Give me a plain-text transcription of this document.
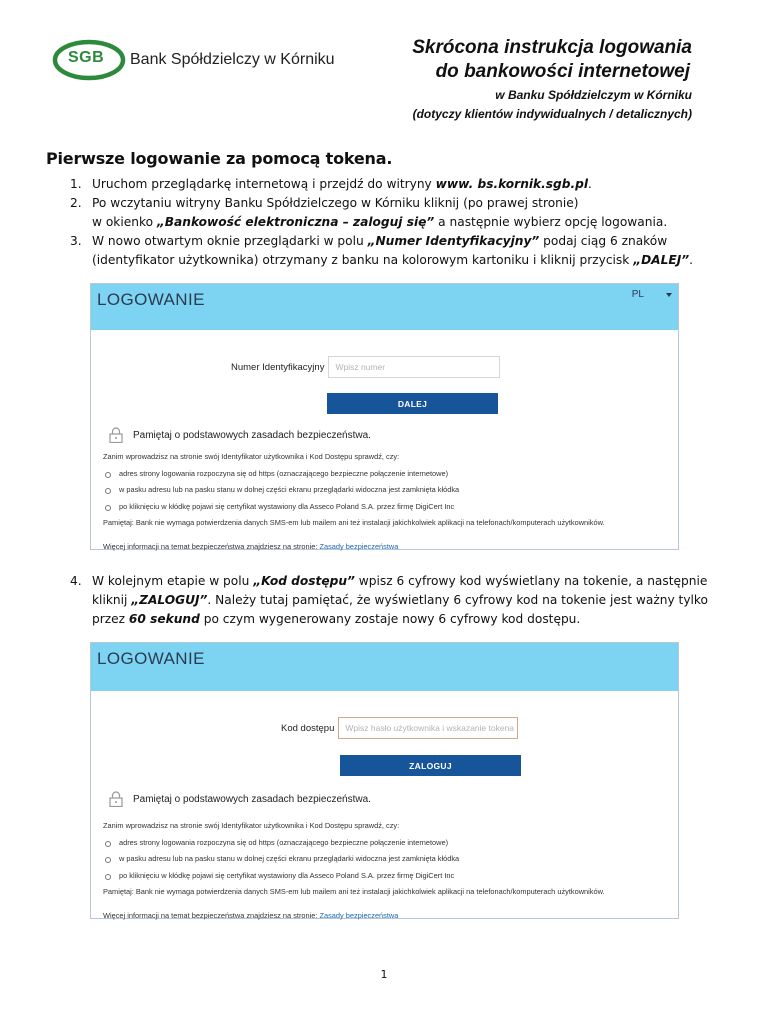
SGB Bank Spółdzielczy w Kórniku
Skrócona instrukcja logowania
do bankowości internetowej
w Banku Spółdzielczym w Kórniku
(dotyczy klientów indywidualnych / detalicznych)
Pierwsze logowanie za pomocą tokena.
1. Uruchom przeglądarkę internetową i przejdź do witryny www. bs.kornik.sgb.pl.
2. Po wczytaniu witryny Banku Spółdzielczego w Kórniku kliknij (po prawej stronie)
w okienko „Bankowość elektroniczna – zaloguj się” a następnie wybierz opcję logowania.
3. W nowo otwartym oknie przeglądarki w polu „Numer Identyfikacyjny” podaj ciąg 6 znaków
(identyfikator użytkownika) otrzymany z banku na kolorowym kartoniku i kliknij przycisk „DALEJ”.
LOGOWANIE	PL
Numer Identyfikacyjny	Wpisz numer
DALEJ
Pamiętaj o podstawowych zasadach bezpieczeństwa.
Zanim wprowadzisz na stronie swój Identyfikator użytkownika i Kod Dostępu sprawdź, czy:
adres strony logowania rozpoczyna się od https (oznaczającego bezpieczne połączenie internetowe)
w pasku adresu lub na pasku stanu w dolnej części ekranu przeglądarki widoczna jest zamknięta kłódka
po kliknięciu w kłódkę pojawi się certyfikat wystawiony dla Asseco Poland S.A. przez firmę DigiCert Inc
Pamiętaj: Bank nie wymaga potwierdzenia danych SMS-em lub mailem ani też instalacji jakichkolwiek aplikacji na telefonach/komputerach użytkowników.
Więcej informacji na temat bezpieczeństwa znajdziesz na stronie: Zasady bezpieczeństwa
4. W kolejnym etapie w polu „Kod dostępu” wpisz 6 cyfrowy kod wyświetlany na tokenie, a następnie
kliknij „ZALOGUJ”. Należy tutaj pamiętać, że wyświetlany 6 cyfrowy kod na tokenie jest ważny tylko
przez 60 sekund po czym wygenerowany zostaje nowy 6 cyfrowy kod dostępu.
LOGOWANIE
Kod dostępu	Wpisz hasło użytkownika i wskazanie tokena
ZALOGUJ
Pamiętaj o podstawowych zasadach bezpieczeństwa.
Zanim wprowadzisz na stronie swój Identyfikator użytkownika i Kod Dostępu sprawdź, czy:
adres strony logowania rozpoczyna się od https (oznaczającego bezpieczne połączenie internetowe)
w pasku adresu lub na pasku stanu w dolnej części ekranu przeglądarki widoczna jest zamknięta kłódka
po kliknięciu w kłódkę pojawi się certyfikat wystawiony dla Asseco Poland S.A. przez firmę DigiCert Inc
Pamiętaj: Bank nie wymaga potwierdzenia danych SMS-em lub mailem ani też instalacji jakichkolwiek aplikacji na telefonach/komputerach użytkowników.
Więcej informacji na temat bezpieczeństwa znajdziesz na stronie: Zasady bezpieczeństwa
1
